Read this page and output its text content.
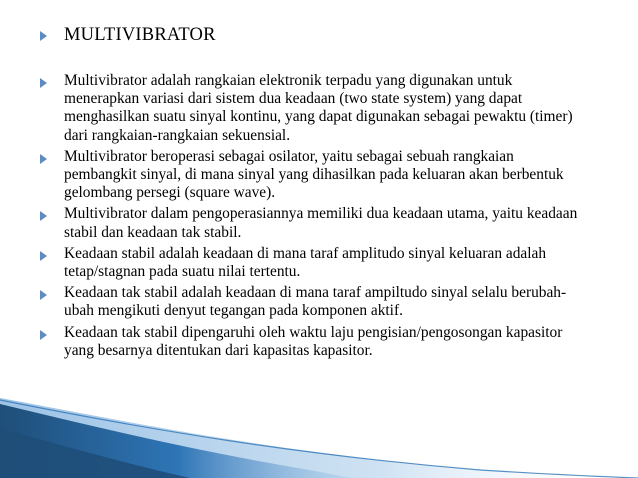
MULTIVIBRATOR
Multivibrator adalah rangkaian elektronik terpadu yang digunakan untuk menerapkan variasi dari sistem dua keadaan (two state system) yang dapat menghasilkan suatu sinyal kontinu, yang dapat digunakan sebagai pewaktu (timer) dari rangkaian-rangkaian sekuensial.
Multivibrator beroperasi sebagai osilator, yaitu sebagai sebuah rangkaian pembangkit sinyal, di mana sinyal yang dihasilkan pada keluaran akan berbentuk gelombang persegi (square wave).
Multivibrator dalam pengoperasiannya memiliki dua keadaan utama, yaitu keadaan stabil dan keadaan tak stabil.
Keadaan stabil adalah keadaan di mana taraf amplitudo sinyal keluaran adalah tetap/stagnan pada suatu nilai tertentu.
Keadaan tak stabil adalah keadaan di mana taraf ampiltudo sinyal selalu berubah-ubah mengikuti denyut tegangan pada komponen aktif.
Keadaan tak stabil dipengaruhi oleh waktu laju pengisian/pengosongan kapasitor yang besarnya ditentukan dari kapasitas kapasitor.
